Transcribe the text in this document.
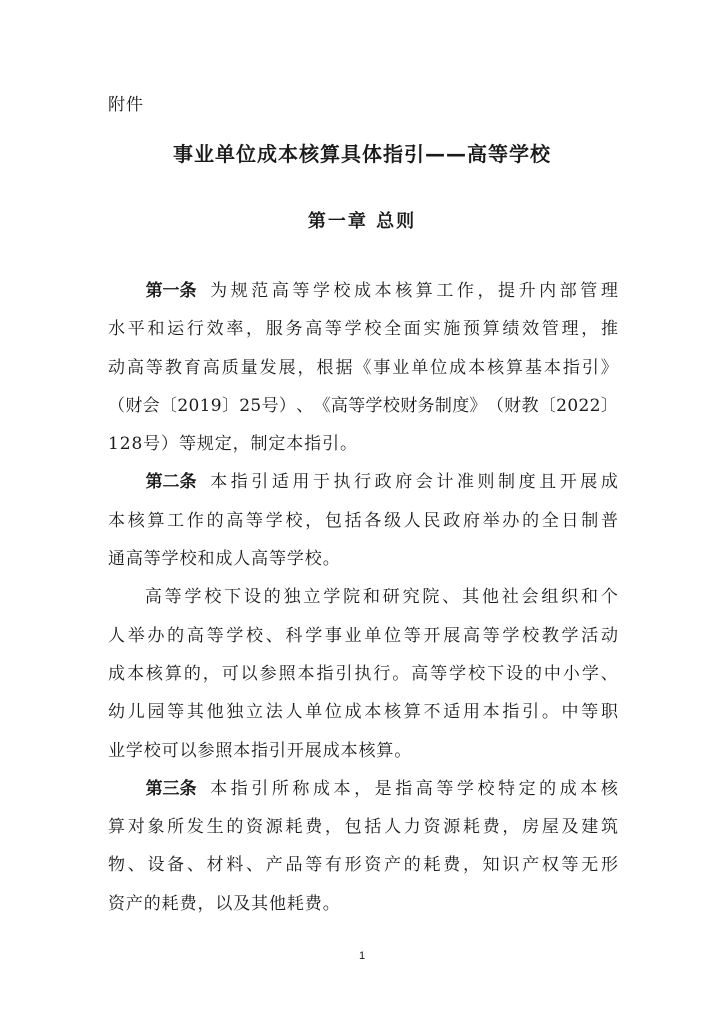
附件
事业单位成本核算具体指引——高等学校
第一章 总则
第一条 为 规 范 高 等 学 校 成 本 核 算 工 作 ， 提 升 内 部 管 理
水 平 和 运 行 效 率 ， 服 务 高 等 学 校 全 面 实 施 预 算 绩 效 管 理 ， 推
动 高 等 教 育 高 质 量 发 展 ， 根 据 《 事 业 单 位 成 本 核 算 基 本 指 引 》
（ 财 会 〔 2 0 1 9 〕 2 5 号 ） 、 《 高 等 学 校 财 务 制 度 》 （ 财 教 〔 2 0 2 2 〕
1 2 8 号 ） 等 规 定 ， 制 定 本 指 引 。
第二条 本 指 引 适 用 于 执 行 政 府 会 计 准 则 制 度 且 开 展 成
本 核 算 工 作 的 高 等 学 校 ， 包 括 各 级 人 民 政 府 举 办 的 全 日 制 普
通 高 等 学 校 和 成 人 高 等 学 校 。
高 等 学 校 下 设 的 独 立 学 院 和 研 究 院 、 其 他 社 会 组 织 和 个
人 举 办 的 高 等 学 校 、 科 学 事 业 单 位 等 开 展 高 等 学 校 教 学 活 动
成 本 核 算 的 ， 可 以 参 照 本 指 引 执 行 。 高 等 学 校 下 设 的 中 小 学 、
幼 儿 园 等 其 他 独 立 法 人 单 位 成 本 核 算 不 适 用 本 指 引 。 中 等 职
业 学 校 可 以 参 照 本 指 引 开 展 成 本 核 算 。
第三条 本 指 引 所 称 成 本 ， 是 指 高 等 学 校 特 定 的 成 本 核
算 对 象 所 发 生 的 资 源 耗 费 ， 包 括 人 力 资 源 耗 费 ， 房 屋 及 建 筑
物 、 设 备 、 材 料 、 产 品 等 有 形 资 产 的 耗 费 ， 知 识 产 权 等 无 形
资 产 的 耗 费 ， 以 及 其 他 耗 费 。
1
